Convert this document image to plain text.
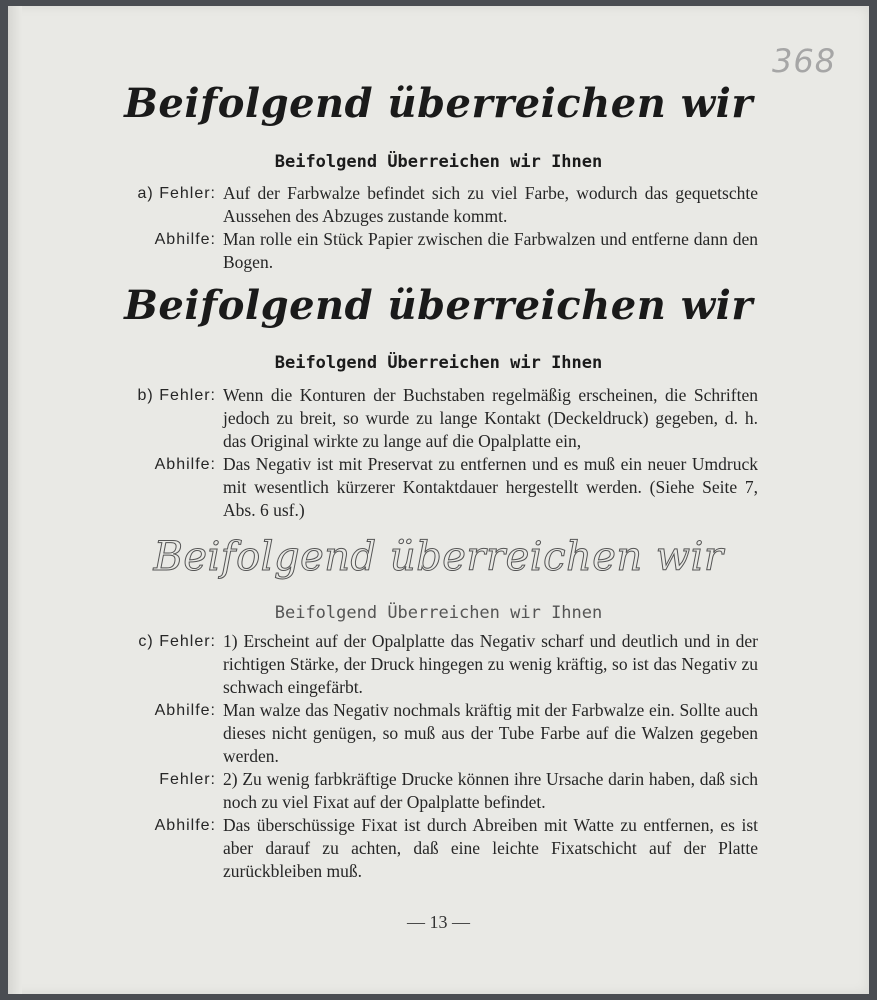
368
Beifolgend überreichen wir
Beifolgend Überreichen wir Ihnen
a) Fehler: Auf der Farbwalze befindet sich zu viel Farbe, wodurch das gequetschte Aussehen des Abzuges zustande kommt.
Abhilfe: Man rolle ein Stück Papier zwischen die Farbwalzen und entferne dann den Bogen.
Beifolgend überreichen wir
Beifolgend Überreichen wir Ihnen
b) Fehler: Wenn die Konturen der Buchstaben regelmäßig erscheinen, die Schriften jedoch zu breit, so wurde zu lange Kontakt (Deckeldruck) gegeben, d. h. das Original wirkte zu lange auf die Opalplatte ein,
Abhilfe: Das Negativ ist mit Preservat zu entfernen und es muß ein neuer Umdruck mit wesentlich kürzerer Kontaktdauer hergestellt werden. (Siehe Seite 7, Abs. 6 usf.)
Beifolgend überreichen wir
Beifolgend Überreichen wir Ihnen
c) Fehler: 1) Erscheint auf der Opalplatte das Negativ scharf und deutlich und in der richtigen Stärke, der Druck hingegen zu wenig kräftig, so ist das Negativ zu schwach eingefärbt.
Abhilfe: Man walze das Negativ nochmals kräftig mit der Farbwalze ein. Sollte auch dieses nicht genügen, so muß aus der Tube Farbe auf die Walzen gegeben werden.
Fehler: 2) Zu wenig farbkräftige Drucke können ihre Ursache darin haben, daß sich noch zu viel Fixat auf der Opalplatte befindet.
Abhilfe: Das überschüssige Fixat ist durch Abreiben mit Watte zu entfernen, es ist aber darauf zu achten, daß eine leichte Fixatschicht auf der Platte zurückbleiben muß.
— 13 —
